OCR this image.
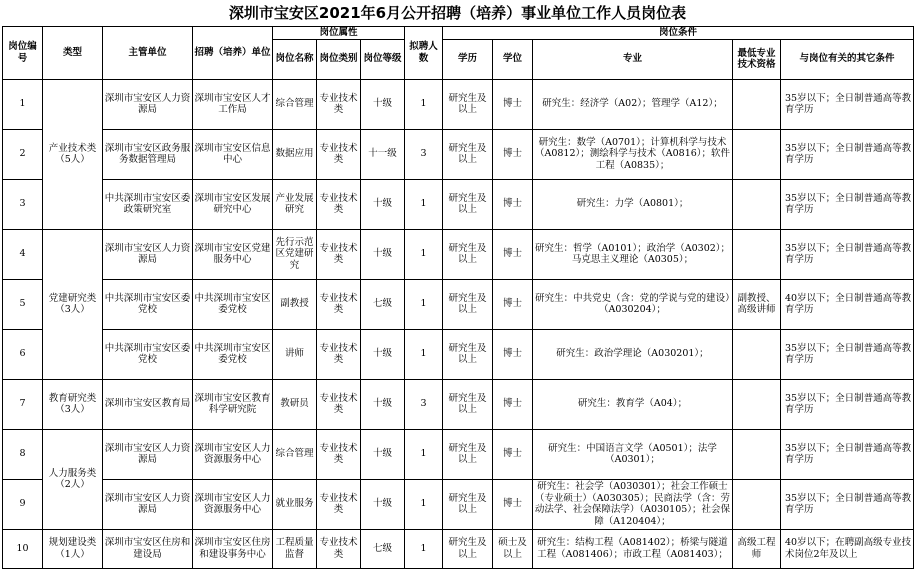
深圳市宝安区2021年6月公开招聘（培养）事业单位工作人员岗位表
岗位编号	类型	主管单位	招聘（培养）单位	岗位属性			拟聘人数	岗位条件				
				岗位名称	岗位类别	岗位等级		学历	学位	专业	最低专业技术资格	与岗位有关的其它条件
1	产业技术类（5人）	深圳市宝安区人力资源局	深圳市宝安区人才工作局	综合管理	专业技术类	十级	1	研究生及以上	博士	研究生：经济学（A02）；管理学（A12）；		35岁以下；全日制普通高等教育学历
2		深圳市宝安区政务服务数据管理局	深圳市宝安区信息中心	数据应用	专业技术类	十一级	3	研究生及以上	博士	研究生：数学（A0701）；计算机科学与技术（A0812）；测绘科学与技术（A0816）；软件工程（A0835）；		35岁以下；全日制普通高等教育学历
3		中共深圳市宝安区委政策研究室	深圳市宝安区发展研究中心	产业发展研究	专业技术类	十级	1	研究生及以上	博士	研究生：力学（A0801）；		35岁以下；全日制普通高等教育学历
4	党建研究类（3人）	深圳市宝安区人力资源局	深圳市宝安区党建服务中心	先行示范区党建研究	专业技术类	十级	1	研究生及以上	博士	研究生：哲学（A0101）；政治学（A0302）；马克思主义理论（A0305）；		35岁以下；全日制普通高等教育学历
5		中共深圳市宝安区委党校	中共深圳市宝安区委党校	副教授	专业技术类	七级	1	研究生及以上	博士	研究生：中共党史（含：党的学说与党的建设）（A030204）；	副教授、高级讲师	40岁以下；全日制普通高等教育学历
6		中共深圳市宝安区委党校	中共深圳市宝安区委党校	讲师	专业技术类	十级	1	研究生及以上	博士	研究生：政治学理论（A030201）；		35岁以下；全日制普通高等教育学历
7	教育研究类（3人）	深圳市宝安区教育局	深圳市宝安区教育科学研究院	教研员	专业技术类	十级	3	研究生及以上	博士	研究生：教育学（A04）；		35岁以下；全日制普通高等教育学历
8	人力服务类（2人）	深圳市宝安区人力资源局	深圳市宝安区人力资源服务中心	综合管理	专业技术类	十级	1	研究生及以上	博士	研究生：中国语言文学（A0501）；法学（A0301）；		35岁以下；全日制普通高等教育学历
9		深圳市宝安区人力资源局	深圳市宝安区人力资源服务中心	就业服务	专业技术类	十级	1	研究生及以上	博士	研究生：社会学（A030301）；社会工作硕士（专业硕士）（A030305）；民商法学（含：劳动法学、社会保障法学）（A030105）；社会保障（A120404）；		35岁以下；全日制普通高等教育学历
10	规划建设类（1人）	深圳市宝安区住房和建设局	深圳市宝安区住房和建设事务中心	工程质量监督	专业技术类	七级	1	研究生及以上	硕士及以上	研究生：结构工程（A081402）；桥梁与隧道工程（A081406）；市政工程（A081403）；	高级工程师	40岁以下；在聘副高级专业技术岗位2年及以上
